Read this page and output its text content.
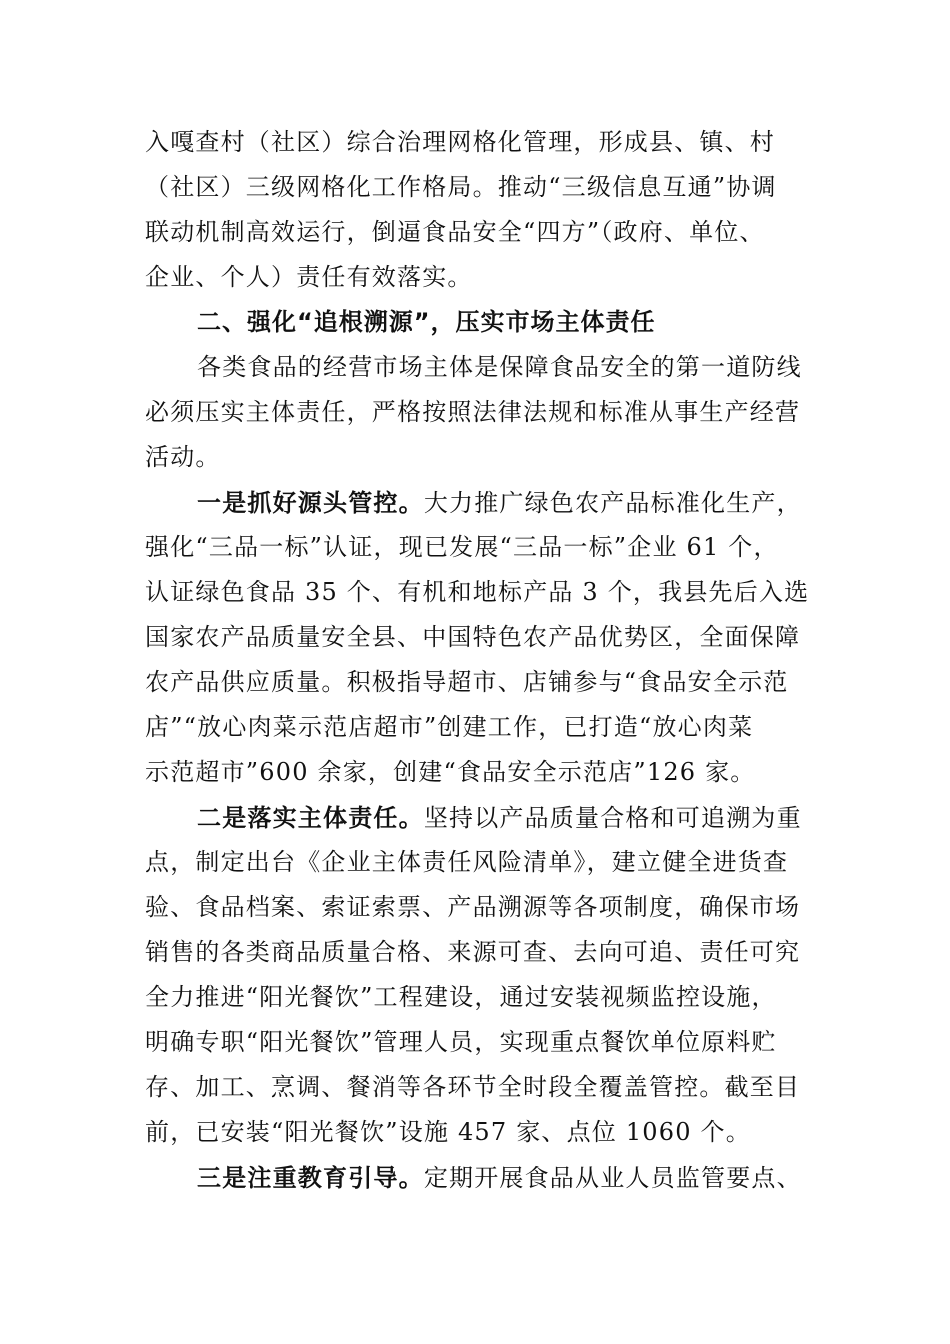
入嘎查村（社区）综合治理网格化管理，形成县、镇、村
（社区）三级网格化工作格局。推动“三级信息互通”协调
联动机制高效运行，倒逼食品安全“四方”（政府、单位、
企业、个人）责任有效落实。
二、强化“追根溯源”，压实市场主体责任
各类食品的经营市场主体是保障食品安全的第一道防线
必须压实主体责任，严格按照法律法规和标准从事生产经营
活动。
一是抓好源头管控。大力推广绿色农产品标准化生产，
强化“三品一标”认证，现已发展“三品一标”企业 61 个，
认证绿色食品 35 个、有机和地标产品 3 个，我县先后入选
国家农产品质量安全县、中国特色农产品优势区，全面保障
农产品供应质量。积极指导超市、店铺参与“食品安全示范
店”“放心肉菜示范店超市”创建工作，已打造“放心肉菜
示范超市”600 余家，创建“食品安全示范店”126 家。
二是落实主体责任。坚持以产品质量合格和可追溯为重
点，制定出台《企业主体责任风险清单》，建立健全进货查
验、食品档案、索证索票、产品溯源等各项制度，确保市场
销售的各类商品质量合格、来源可查、去向可追、责任可究
全力推进“阳光餐饮”工程建设，通过安装视频监控设施，
明确专职“阳光餐饮”管理人员，实现重点餐饮单位原料贮
存、加工、烹调、餐消等各环节全时段全覆盖管控。截至目
前，已安装“阳光餐饮”设施 457 家、点位 1060 个。
三是注重教育引导。定期开展食品从业人员监管要点、
